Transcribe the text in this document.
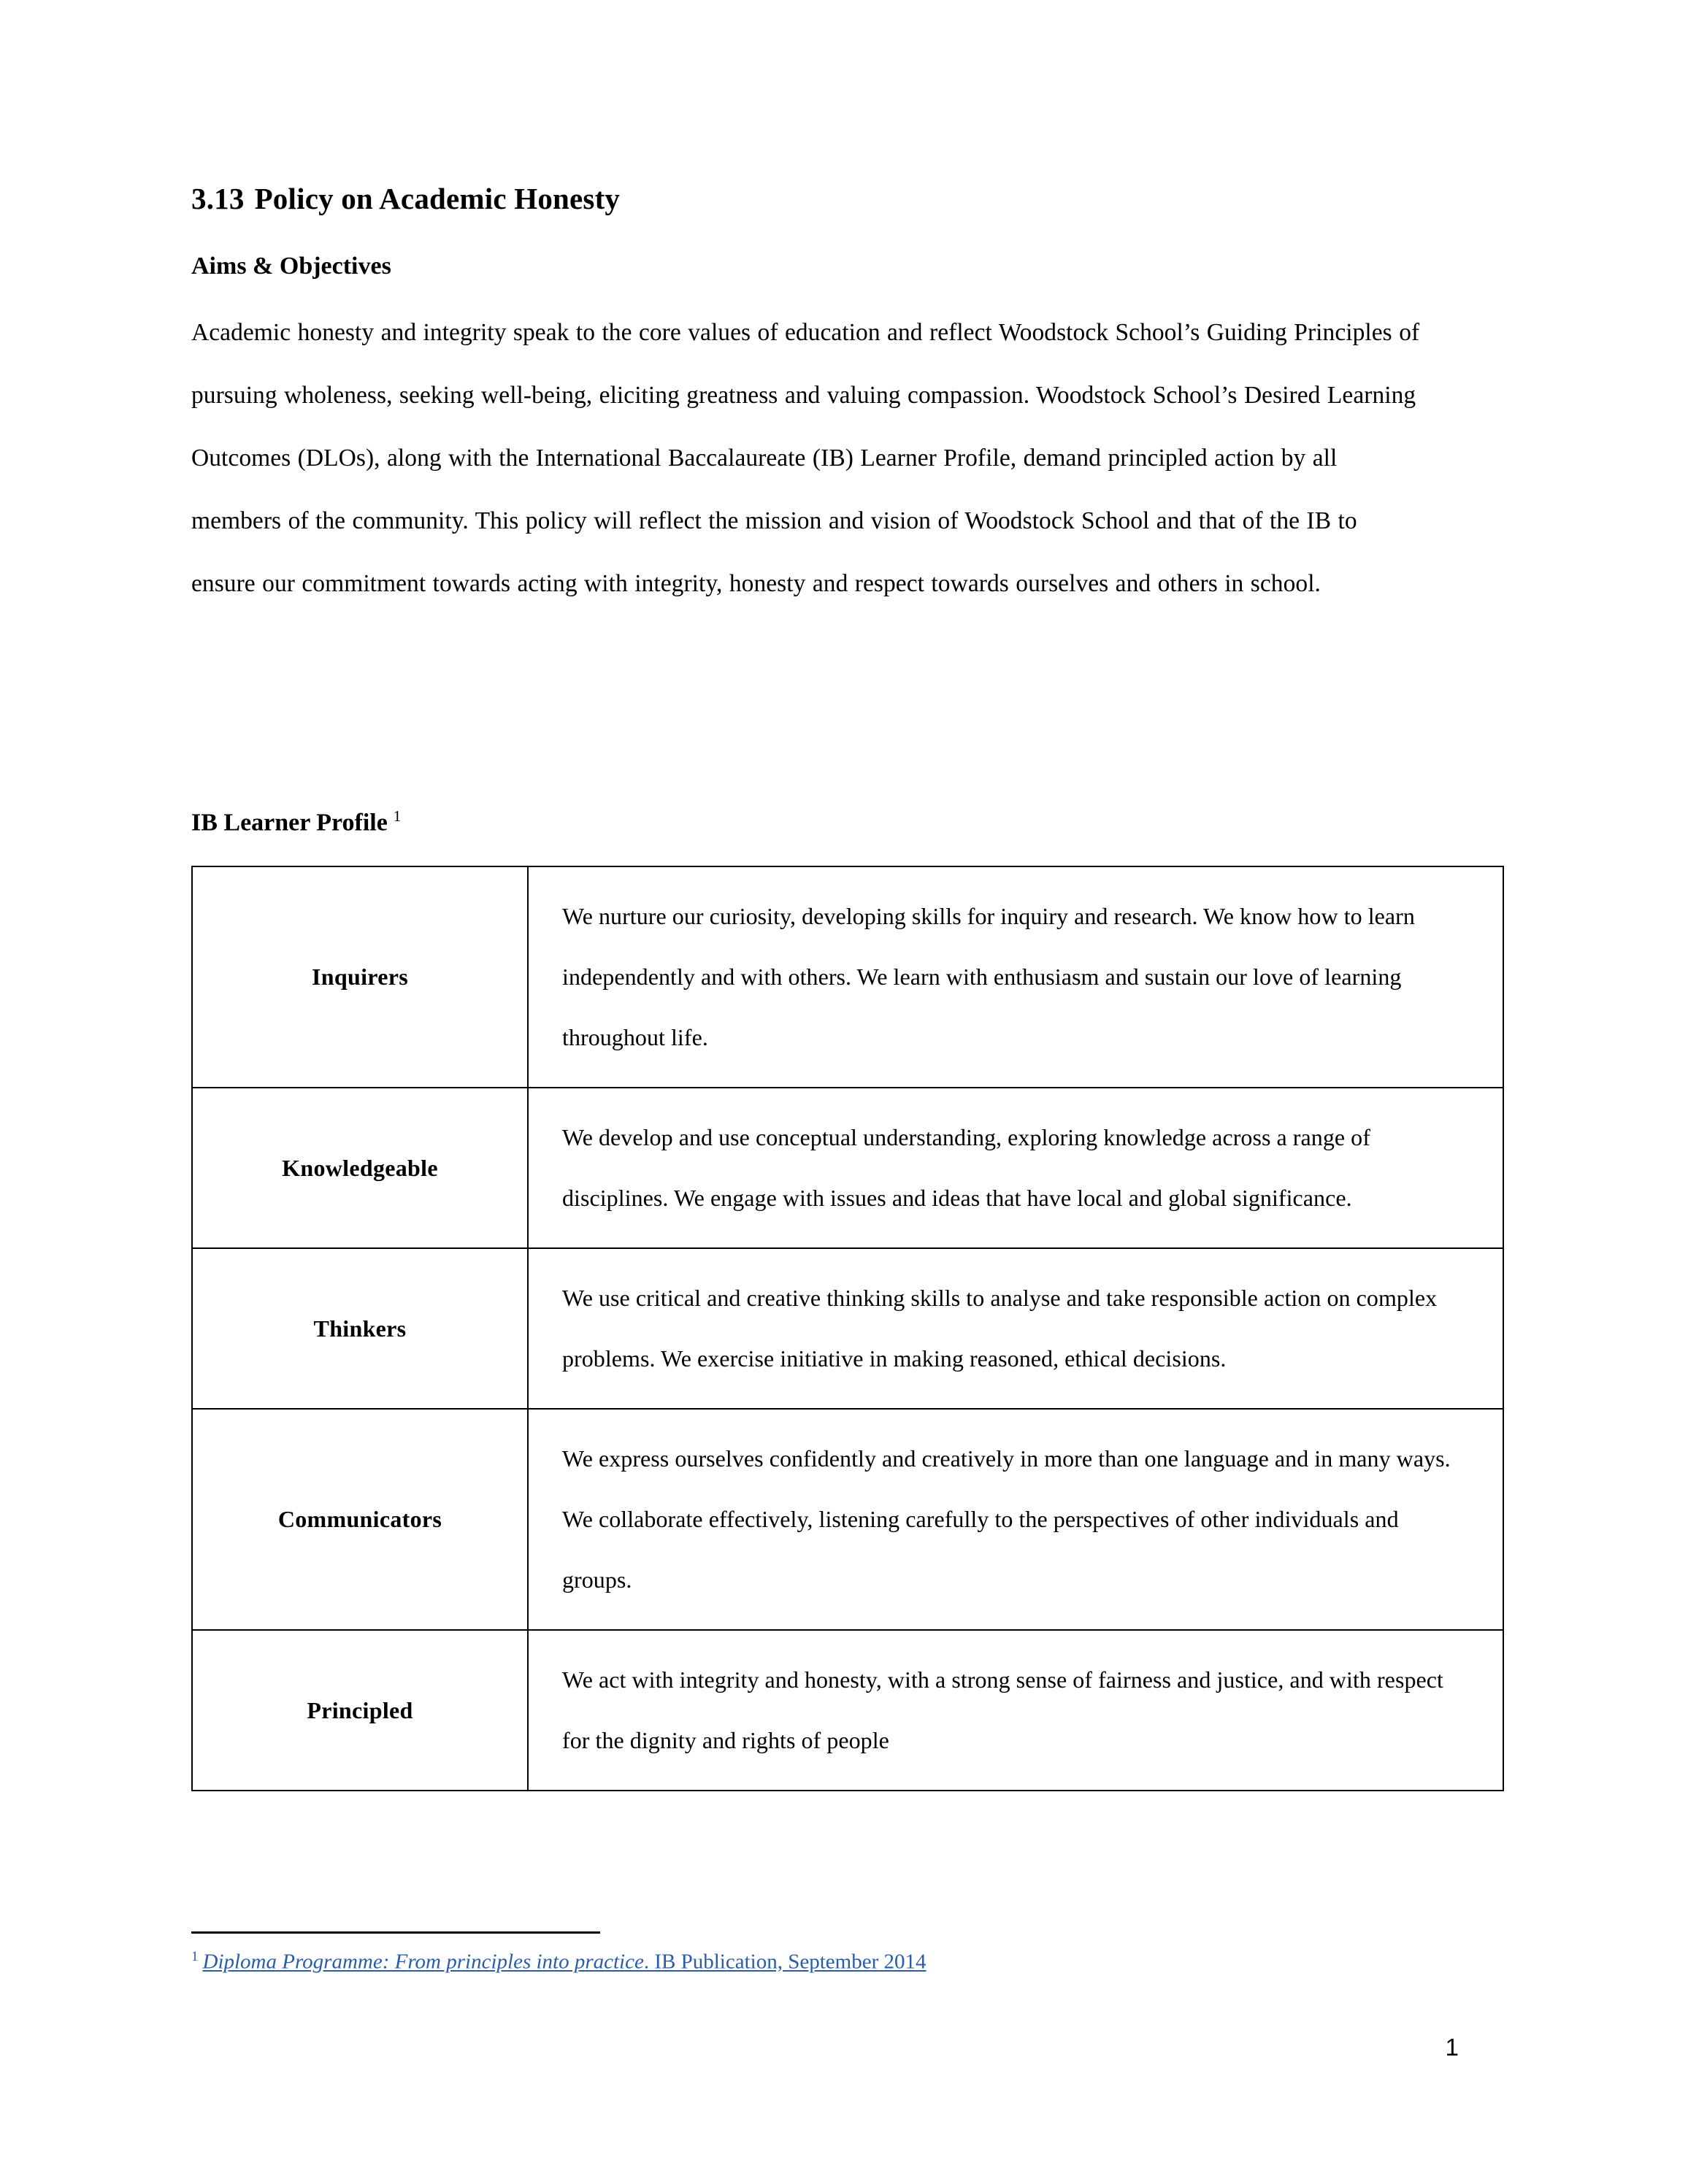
3.13 Policy on Academic Honesty
Aims & Objectives

Academic honesty and integrity speak to the core values of education and reflect Woodstock School’s Guiding Principles of pursuing wholeness, seeking well-being, eliciting greatness and valuing compassion. Woodstock School’s Desired Learning Outcomes (DLOs), along with the International Baccalaureate (IB) Learner Profile, demand principled action by all members of the community. This policy will reflect the mission and vision of Woodstock School and that of the IB to ensure our commitment towards acting with integrity, honesty and respect towards ourselves and others in school.

IB Learner Profile $^1$
Inquirers	We nurture our curiosity, developing skills for inquiry and research. We know how to learn independently and with others. We learn with enthusiasm and sustain our love of learning throughout life.

Knowledgeable	We develop and use conceptual understanding, exploring knowledge across a range of disciplines. We engage with issues and ideas that have local and global significance.

Thinkers	We use critical and creative thinking skills to analyse and take responsible action on complex problems. We exercise initiative in making reasoned, ethical decisions.

Communicators	We express ourselves confidently and creatively in more than one language and in many ways. We collaborate effectively, listening carefully to the perspectives of other individuals and groups.

Principled	We act with integrity and honesty, with a strong sense of fairness and justice, and with respect for the dignity and rights of people

$^1$ Diploma Programme: From principles into practice. IB Publication, September 2014
1
